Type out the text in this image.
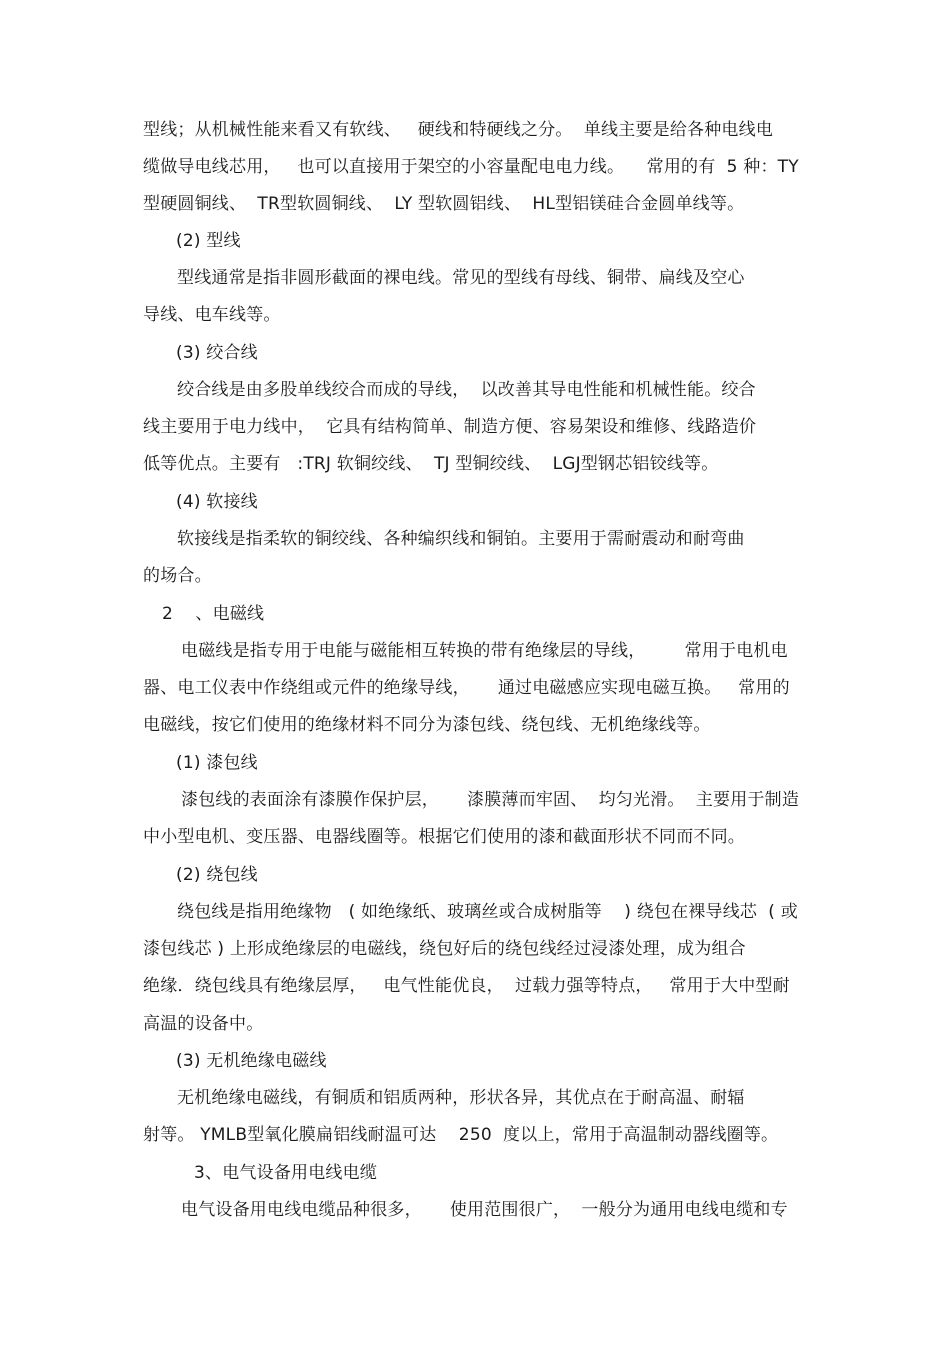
型线；从机械性能来看又有软线、   硬线和特硬线之分。  单线主要是给各种电线电
缆做导电线芯用，   也可以直接用于架空的小容量配电电力线。    常用的有  5 种：TY
型硬圆铜线、  TR型软圆铜线、  LY 型软圆铝线、  HL型铝镁硅合金圆单线等。
(2) 型线
型线通常是指非圆形截面的裸电线。常见的型线有母线、铜带、扁线及空心
导线、电车线等。
(3) 绞合线
绞合线是由多股单线绞合而成的导线，  以改善其导电性能和机械性能。绞合
线主要用于电力线中，  它具有结构简单、制造方便、容易架设和维修、线路造价
低等优点。主要有   :TRJ 软铜绞线、  TJ 型铜绞线、  LGJ型钢芯铝铰线等。
(4) 软接线
软接线是指柔软的铜绞线、各种编织线和铜铂。主要用于需耐震动和耐弯曲
的场合。
2    、电磁线
电磁线是指专用于电能与磁能相互转换的带有绝缘层的导线，       常用于电机电
器、电工仪表中作绕组或元件的绝缘导线，     通过电磁感应实现电磁互换。   常用的
电磁线，按它们使用的绝缘材料不同分为漆包线、绕包线、无机绝缘线等。
(1) 漆包线
漆包线的表面涂有漆膜作保护层，     漆膜薄而牢固、  均匀光滑。  主要用于制造
中小型电机、变压器、电器线圈等。根据它们使用的漆和截面形状不同而不同。
(2) 绕包线
绕包线是指用绝缘物   ( 如绝缘纸、玻璃丝或合成树脂等    ) 绕包在裸导线芯  ( 或
漆包线芯 ) 上形成绝缘层的电磁线，绕包好后的绕包线经过浸漆处理，成为组合
绝缘．绕包线具有绝缘层厚，   电气性能优良，  过载力强等特点，   常用于大中型耐
高温的设备中。
(3) 无机绝缘电磁线
无机绝缘电磁线，有铜质和铝质两种，形状各异，其优点在于耐高温、耐辐
射等。 YMLB型氧化膜扁铝线耐温可达    250  度以上，常用于高温制动器线圈等。
3、电气设备用电线电缆
电气设备用电线电缆品种很多，     使用范围很广，  一般分为通用电线电缆和专
